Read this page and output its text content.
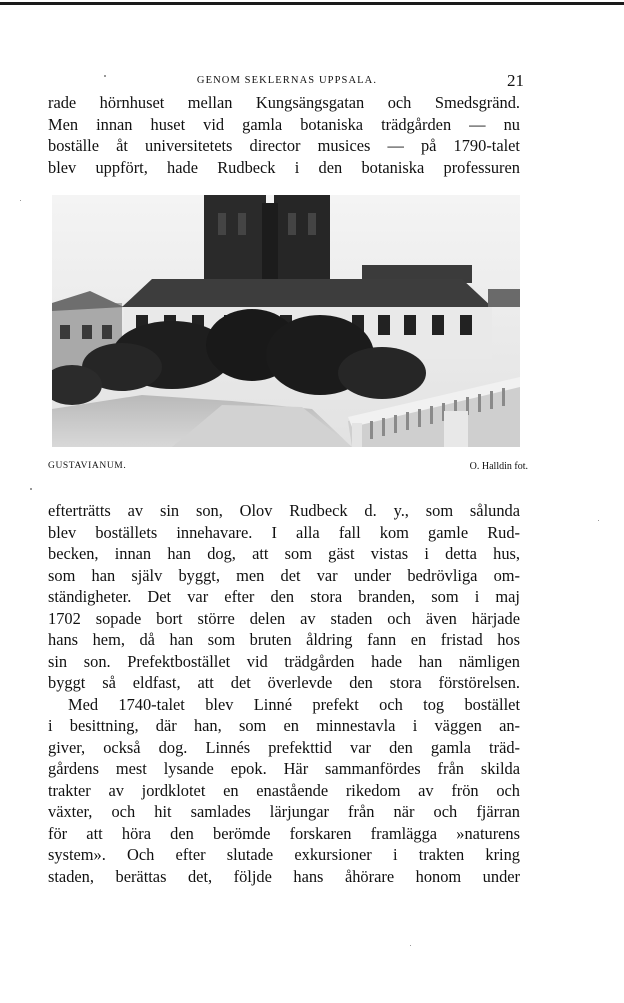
GENOM SEKLERNAS UPPSALA.	21
rade hörnhuset mellan Kungsängsgatan och Smedsgränd.
Men innan huset vid gamla botaniska trädgården — nu
boställe åt universitetets director musices — på 1790-talet
blev uppfört, hade Rudbeck i den botaniska professuren
GUSTAVIANUM.	O. Halldin fot.
efterträtts av sin son, Olov Rudbeck d. y., som sålunda
blev boställets innehavare. I alla fall kom gamle Rud-
becken, innan han dog, att som gäst vistas i detta hus,
som han själv byggt, men det var under bedrövliga om-
ständigheter. Det var efter den stora branden, som i maj
1702 sopade bort större delen av staden och även härjade
hans hem, då han som bruten åldring fann en fristad hos
sin son. Prefektbostället vid trädgården hade han nämligen
byggt så eldfast, att det överlevde den stora förstörelsen.
Med 1740-talet blev Linné prefekt och tog bostället
i besittning, där han, som en minnestavla i väggen an-
giver, också dog. Linnés prefekttid var den gamla träd-
gårdens mest lysande epok. Här sammanfördes från skilda
trakter av jordklotet en enastående rikedom av frön och
växter, och hit samlades lärjungar från när och fjärran
för att höra den berömde forskaren framlägga »naturens
system». Och efter slutade exkursioner i trakten kring
staden, berättas det, följde hans åhörare honom under
